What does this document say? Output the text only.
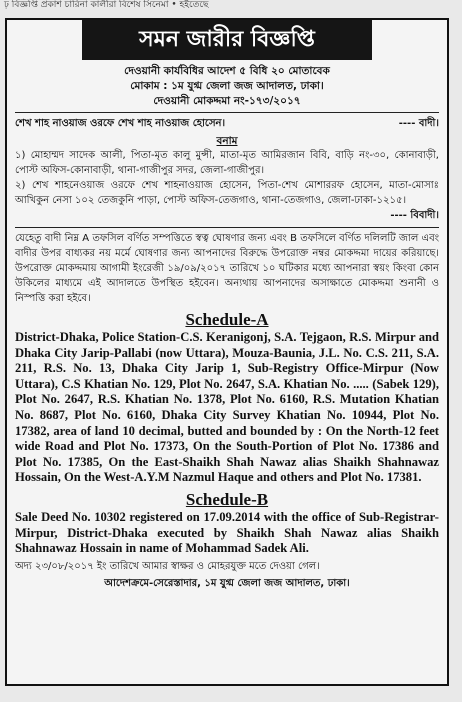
ঢ় বিজ্ঞপ্তি প্রকাশ চারিনা কালীরা বিশেষ সিনেমা • হইতেছে
সমন জারীর বিজ্ঞপ্তি
দেওয়ানী কার্যবিধির আদেশ ৫ বিধি ২০ মোতাবেক
মোকাম : ১ম যুগ্ম জেলা জজ আদালত, ঢাকা।
দেওয়ানী মোকদ্দমা নং-১৭৩/২০১৭
শেখ শাহ নাওয়াজ ওরফে শেখ শাহ নাওয়াজ হোসেন।	---- বাদী।
বনাম
১) মোহাম্মদ সাদেক আলী, পিতা-মৃত কালু মুন্সী, মাতা-মৃত আমিরজান বিবি, বাড়ি নং-৩০, কোনাবাড়ী, পোস্ট অফিস-কোনাবাড়ী, থানা-গাজীপুর সদর, জেলা-গাজীপুর।
২) শেখ শাহনেওয়াজ ওরফে শেখ শাহনাওয়াজ হোসেন, পিতা-শেখ মোশাররফ হোসেন, মাতা-মোসাঃ আখিকুন নেসা ১০২ তেজকুনি পাড়া, পোস্ট অফিস-তেজগাও, থানা-তেজগাও, জেলা-ঢাকা-১২১৫।
---- বিবাদী।
যেহেতু বাদী নিম্ন A তফসিল বর্ণিত সম্পত্তিতে স্বত্ব ঘোষণার জন্য এবং B তফসিলে বর্ণিত দলিলটি জাল এবং বাদীর উপর বাধ্যকর নয় মর্মে ঘোষণার জন্য আপনাদের বিরুদ্ধে উপরোক্ত নম্বর মোকদ্দমা দায়ের করিয়াছে। উপরোক্ত মোকদ্দমায় আগামী ইংরেজী ১৯/০৯/২০১৭ তারিখে ১০ ঘটিকার মধ্যে আপনারা স্বয়ং কিংবা কোন উকিলের মাধ্যমে এই আদালতে উপস্থিত হইবেন। অন্যথায় আপনাদের অসাক্ষাতে মোকদ্দমা শুনানী ও নিস্পত্তি করা হইবে।
Schedule-A
District-Dhaka, Police Station-C.S. Keranigonj, S.A. Tejgaon, R.S. Mirpur and Dhaka City Jarip-Pallabi (now Uttara), Mouza-Baunia, J.L. No. C.S. 211, S.A. 211, R.S. No. 13, Dhaka City Jarip 1, Sub-Registry Office-Mirpur (Now Uttara), C.S Khatian No. 129, Plot No. 2647, S.A. Khatian No. ..... (Sabek 129), Plot No. 2647, R.S. Khatian No. 1378, Plot No. 6160, R.S. Mutation Khatian No. 8687, Plot No. 6160, Dhaka City Survey Khatian No. 10944, Plot No. 17382, area of land 10 decimal, butted and bounded by : On the North-12 feet wide Road and Plot No. 17373, On the South-Portion of Plot No. 17386 and Plot No. 17385, On the East-Shaikh Shah Nawaz alias Shaikh Shahnawaz Hossain, On the West-A.Y.M Nazmul Haque and others and Plot No. 17381.
Schedule-B
Sale Deed No. 10302 registered on 17.09.2014 with the office of Sub-Registrar-Mirpur, District-Dhaka executed by Shaikh Shah Nawaz alias Shaikh Shahnawaz Hossain in name of Mohammad Sadek Ali.
অদ্য ২৩/০৮/২০১৭ ইং তারিখে আমার স্বাক্ষর ও মোহরযুক্ত মতে দেওয়া গেল।
আদেশক্রমে-সেরেস্তাদার, ১ম যুগ্ম জেলা জজ আদালত, ঢাকা।
